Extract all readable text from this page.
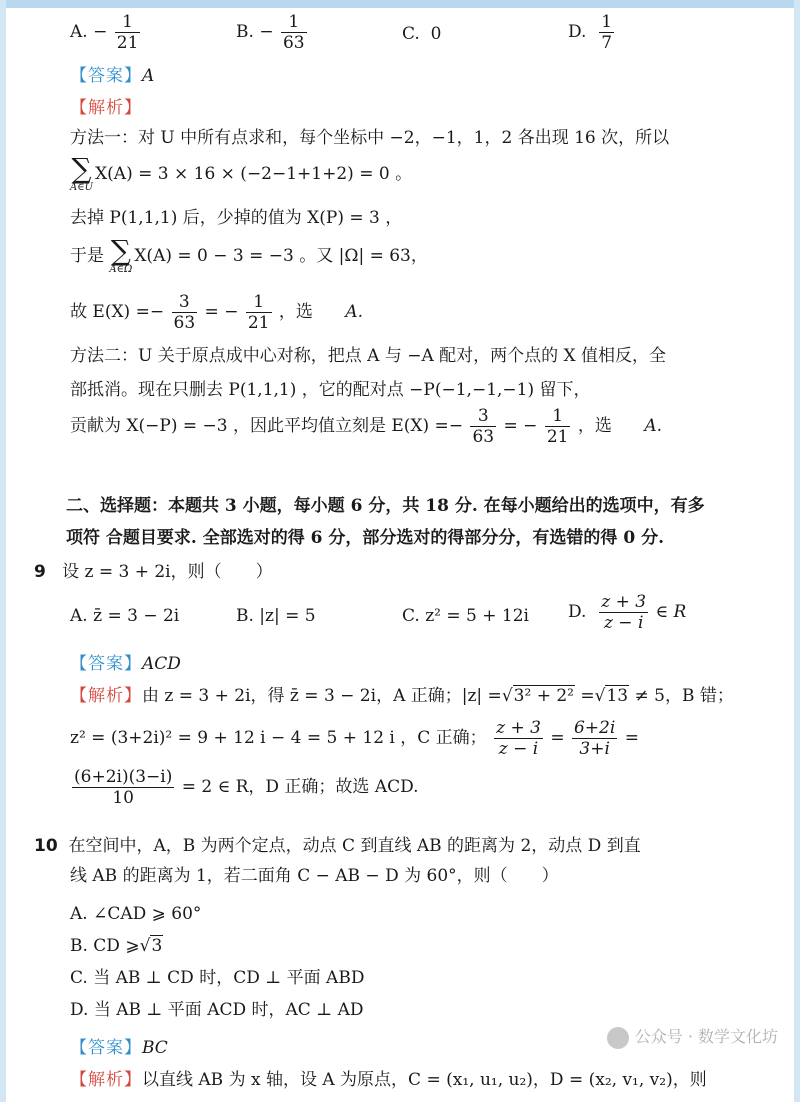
A. − $\frac{1}{21}$	B. − $\frac{1}{63}$	C. 0	D. $\frac{1}{7}$
【答案】A
【解析】
方法一：对 U 中所有点求和，每个坐标中 −2，−1，1，2 各出现 16 次，所以
∑
A∈U
X(A) = 3 × 16 × (−2−1+1+2) = 0 。
去掉 P(1,1,1) 后，少掉的值为 X(P) = 3 ，
于是 ∑
A∈Ω
X(A) = 0 − 3 = −3 。又 |Ω| = 63，
故 $E(X) =- \frac{3}{63}$ = − $\frac{1}{21}$ ，选 A.
方法二：U 关于原点成中心对称，把点 A 与 −A 配对，两个点的 X 值相反，全
部抵消。现在只删去 P(1,1,1) ，它的配对点 −P(−1,−1,−1) 留下，
贡献为 X(−P) = −3 ，因此平均值立刻是 $E(X) =- \frac{3}{63}$ = − $\frac{1}{21}$ ，选 A.
二、选择题：本题共 3 小题，每小题 6 分，共 18 分. 在每小题给出的选项中，有多
项符 合题目要求. 全部选对的得 6 分，部分选对的得部分分，有选错的得 0 分.
9 设 z = 3 + 2i，则（　　）
A. z̄ = 3 − 2i	B. |z| = 5	C. z² = 5 + 12i D. $\frac{z + 3}{z - i}$ ∈ R
【答案】ACD
【解析】由 z = 3 + 2i，得 z̄ = 3 − 2i，A 正确；|z| =√3² + 2² =√13 ≠ 5，B 错；
z² = (3+2i)² = 9 + 12 i − 4 = 5 + 12 i ，C 正确； $\frac{z + 3}{z - i} = \frac{6+2i}{3+i}$ =
$\frac{(6+2i)(3-i)}{10} = 2$ ∈ R，D 正确；故选 ACD.
10 在空间中，A，B 为两个定点，动点 C 到直线 AB 的距离为 2，动点 D 到直
线 AB 的距离为 1，若二面角 C − AB − D 为 60°，则（　　）
A. ∠CAD ⩾ 60°
B. CD ⩾√3
C. 当 AB ⊥ CD 时，CD ⊥ 平面 ABD
D. 当 AB ⊥ 平面 ACD 时，AC ⊥ AD
【答案】BC
【解析】以直线 AB 为 x 轴，设 A 为原点，C = (x₁, u₁, u₂)，D = (x₂, v₁, v₂)，则
公众号 · 数学文化坊
